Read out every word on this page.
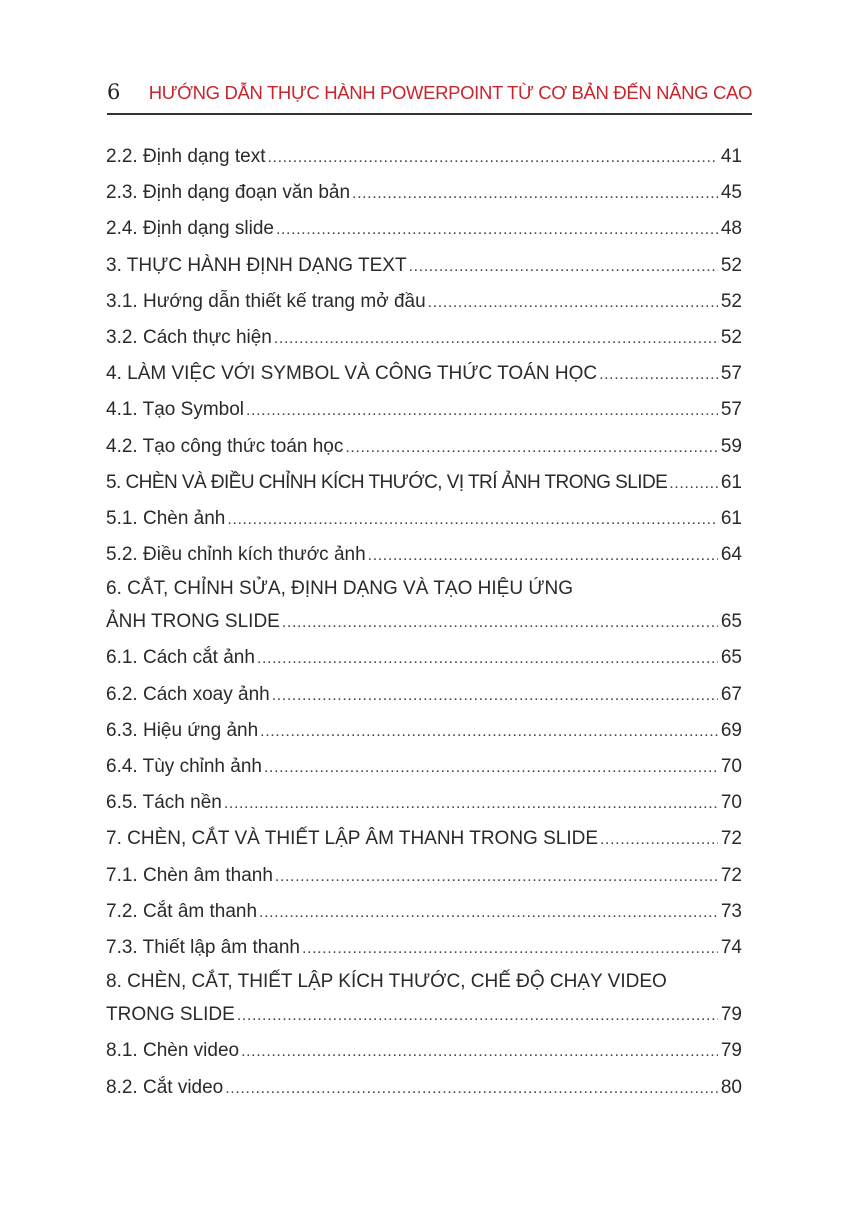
6	HƯỚNG DẪN THỰC HÀNH POWERPOINT TỪ CƠ BẢN ĐẾN NÂNG CAO
2.2. Định dạng text .....	41
2.3. Định dạng đoạn văn bản .....	45
2.4. Định dạng slide .....	48
3. THỰC HÀNH ĐỊNH DẠNG TEXT .....	52
3.1. Hướng dẫn thiết kế trang mở đầu .....	52
3.2. Cách thực hiện .....	52
4. LÀM VIỆC VỚI SYMBOL VÀ CÔNG THỨC TOÁN HỌC .....	57
4.1. Tạo Symbol .....	57
4.2. Tạo công thức toán học .....	59
5. CHÈN VÀ ĐIỀU CHỈNH KÍCH THƯỚC, VỊ TRÍ ẢNH TRONG SLIDE .....	61
5.1. Chèn ảnh .....	61
5.2. Điều chỉnh kích thước ảnh .....	64
6. CẮT, CHỈNH SỬA, ĐỊNH DẠNG VÀ TẠO HIỆU ỨNG
ẢNH TRONG SLIDE .....	65
6.1. Cách cắt ảnh .....	65
6.2. Cách xoay ảnh .....	67
6.3. Hiệu ứng ảnh .....	69
6.4. Tùy chỉnh ảnh .....	70
6.5. Tách nền .....	70
7. CHÈN, CẮT VÀ THIẾT LẬP ÂM THANH TRONG SLIDE .....	72
7.1. Chèn âm thanh .....	72
7.2. Cắt âm thanh .....	73
7.3. Thiết lập âm thanh .....	74
8. CHÈN, CẮT, THIẾT LẬP KÍCH THƯỚC, CHẾ ĐỘ CHẠY VIDEO
TRONG SLIDE .....	79
8.1. Chèn video .....	79
8.2. Cắt video .....	80
